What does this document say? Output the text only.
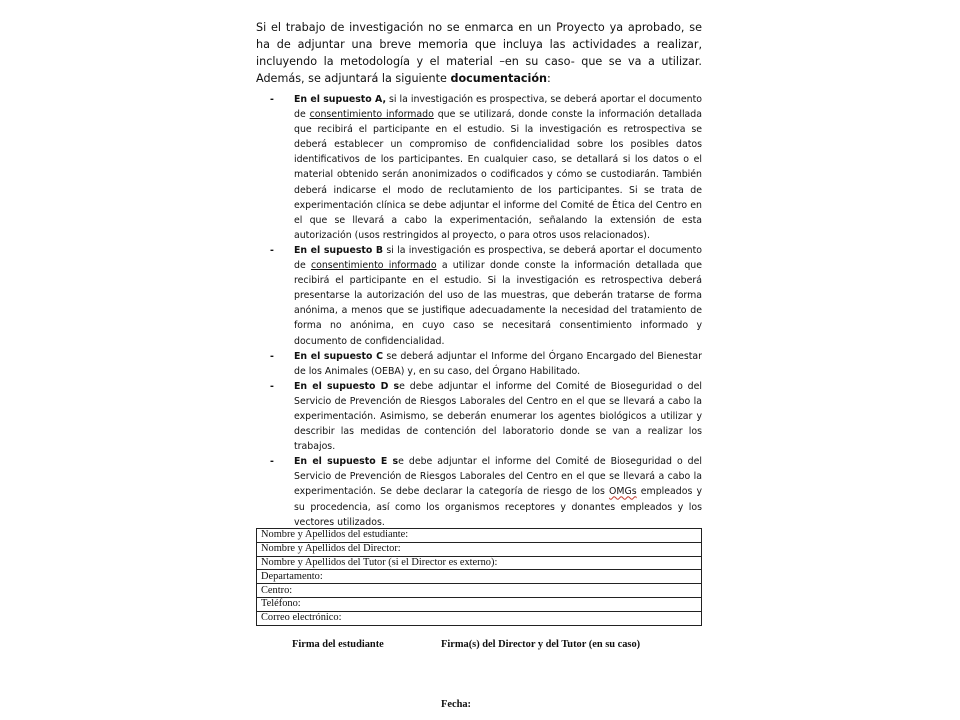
Si el trabajo de investigación no se enmarca en un Proyecto ya aprobado, se ha de adjuntar una breve memoria que incluya las actividades a realizar, incluyendo la metodología y el material –en su caso- que se va a utilizar. Además, se adjuntará la siguiente documentación:

-	En el supuesto A, si la investigación es prospectiva, se deberá aportar el documento de consentimiento informado que se utilizará, donde conste la información detallada que recibirá el participante en el estudio. Si la investigación es retrospectiva se deberá establecer un compromiso de confidencialidad sobre los posibles datos identificativos de los participantes. En cualquier caso, se detallará si los datos o el material obtenido serán anonimizados o codificados y cómo se custodiarán. También deberá indicarse el modo de reclutamiento de los participantes. Si se trata de experimentación clínica se debe adjuntar el informe del Comité de Ética del Centro en el que se llevará a cabo la experimentación, señalando la extensión de esta autorización (usos restringidos al proyecto, o para otros usos relacionados).

-	En el supuesto B si la investigación es prospectiva, se deberá aportar el documento de consentimiento informado a utilizar donde conste la información detallada que recibirá el participante en el estudio. Si la investigación es retrospectiva deberá presentarse la autorización del uso de las muestras, que deberán tratarse de forma anónima, a menos que se justifique adecuadamente la necesidad del tratamiento de forma no anónima, en cuyo caso se necesitará consentimiento informado y documento de confidencialidad.

-	En el supuesto C se deberá adjuntar el Informe del Órgano Encargado del Bienestar de los Animales (OEBA) y, en su caso, del Órgano Habilitado.

-	En el supuesto D se debe adjuntar el informe del Comité de Bioseguridad o del Servicio de Prevención de Riesgos Laborales del Centro en el que se llevará a cabo la experimentación. Asimismo, se deberán enumerar los agentes biológicos a utilizar y describir las medidas de contención del laboratorio donde se van a realizar los trabajos.

-	En el supuesto E se debe adjuntar el informe del Comité de Bioseguridad o del Servicio de Prevención de Riesgos Laborales del Centro en el que se llevará a cabo la experimentación. Se debe declarar la categoría de riesgo de los OMGs empleados y su procedencia, así como los organismos receptores y donantes empleados y los vectores utilizados.

Nombre y Apellidos del estudiante:
Nombre y Apellidos del Director:
Nombre y Apellidos del Tutor (si el Director es externo):
Departamento:
Centro:
Teléfono:
Correo electrónico:
Firma del estudiante	Firma(s) del Director y del Tutor (en su caso)
Fecha:
